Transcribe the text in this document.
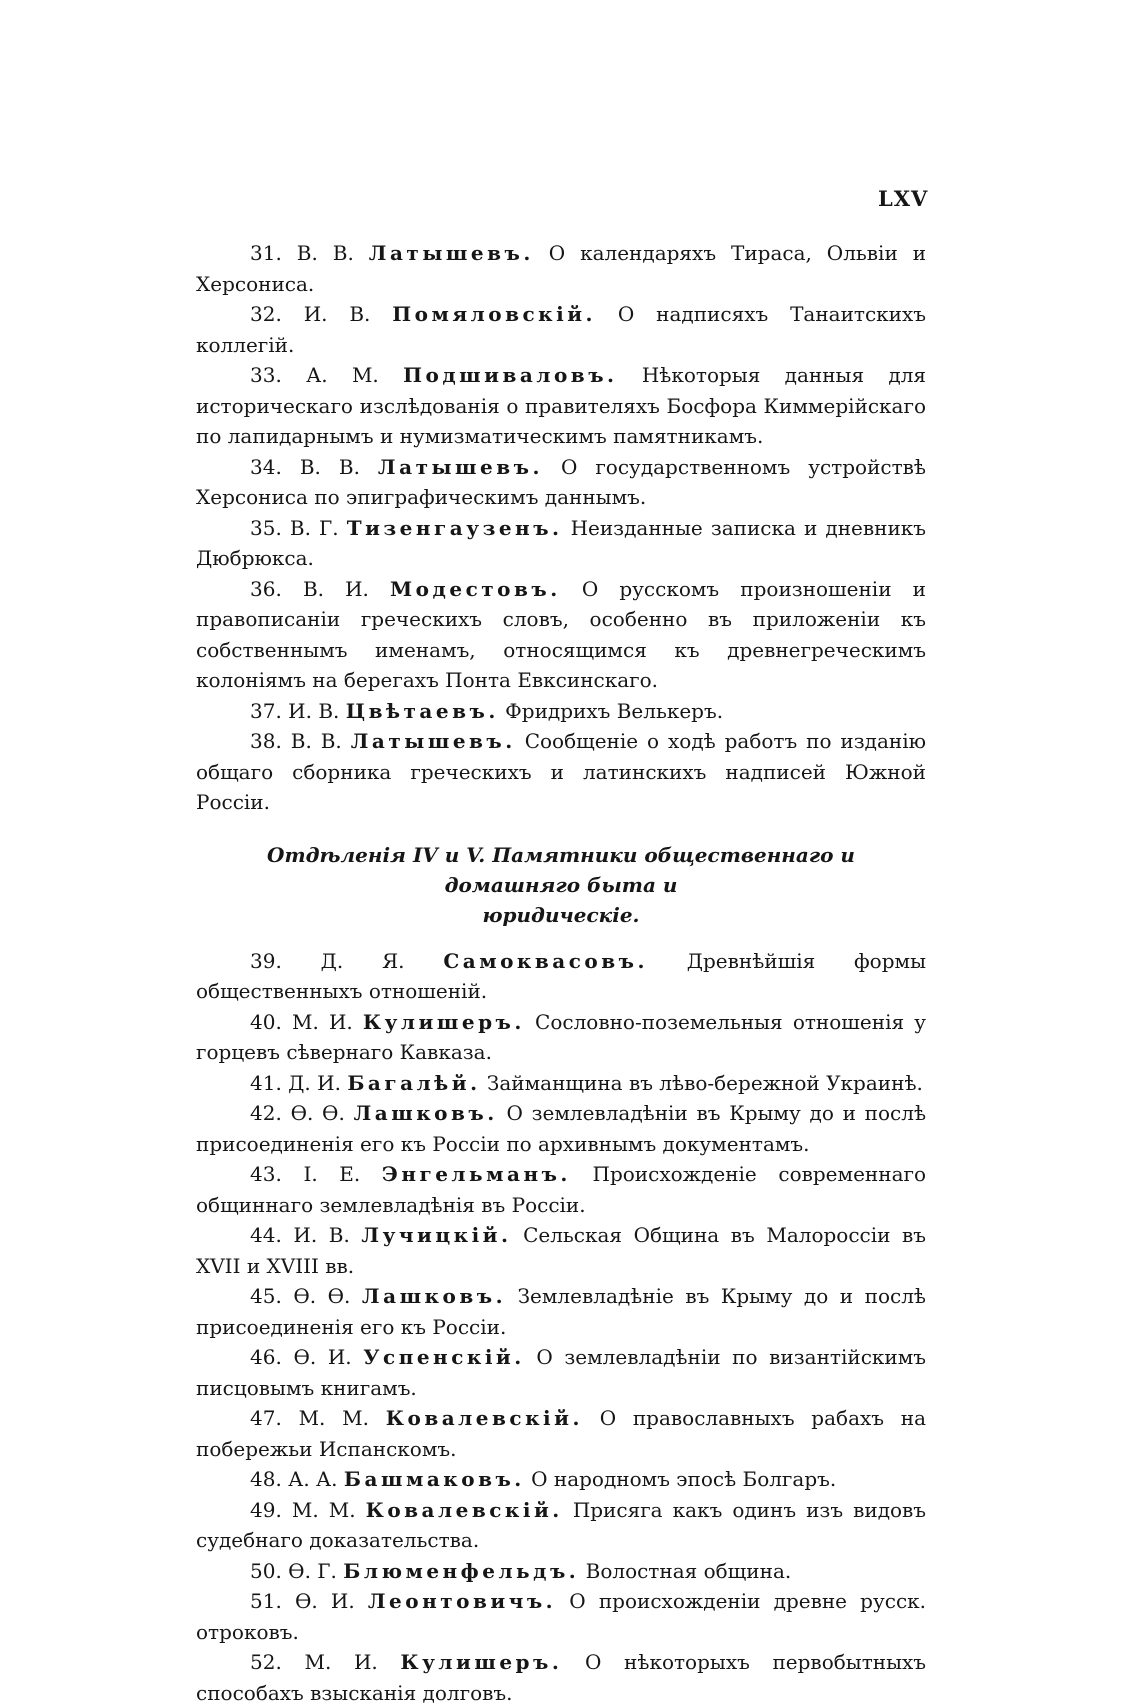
LXV

31. В. В. Латышевъ. О календаряхъ Тираса, Ольвіи и Херсониса.

32. И. В. Помяловскій. О надписяхъ Танаитскихъ коллегій.

33. А. М. Подшиваловъ. Нѣкоторыя данныя для историческаго изслѣдованія о правителяхъ Босфора Киммерійскаго по лапидарнымъ и нумизматическимъ памятникамъ.

34. В. В. Латышевъ. О государственномъ устройствѣ Херсониса по эпиграфическимъ даннымъ.

35. В. Г. Тизенгаузенъ. Неизданные записка и дневникъ Дюбрюкса.

36. В. И. Модестовъ. О русскомъ произношеніи и правописаніи греческихъ словъ, особенно въ приложеніи къ собственнымъ именамъ, относящимся къ древнегреческимъ колоніямъ на берегахъ Понта Евксинскаго.

37. И. В. Цвѣтаевъ. Фридрихъ Велькеръ.

38. В. В. Латышевъ. Сообщеніе о ходѣ работъ по изданію общаго сборника греческихъ и латинскихъ надписей Южной Россіи.

Отдѣленія IV и V. Памятники общественнаго и домашняго быта и
юридическіе.

39. Д. Я. Самоквасовъ. Древнѣйшія формы общественныхъ отношеній.

40. М. И. Кулишеръ. Сословно-поземельныя отношенія у горцевъ сѣвернаго Кавказа.

41. Д. И. Багалѣй. Займанщина въ лѣво-бережной Украинѣ.

42. Ѳ. Ѳ. Лашковъ. О землевладѣніи въ Крыму до и послѣ присоединенія его къ Россіи по архивнымъ документамъ.

43. І. Е. Энгельманъ. Происхожденіе современнаго общиннаго землевладѣнія въ Россіи.

44. И. В. Лучицкій. Сельская Община въ Малороссіи въ XVII и XVIII вв.

45. Ѳ. Ѳ. Лашковъ. Землевладѣніе въ Крыму до и послѣ присоединенія его къ Россіи.

46. Ѳ. И. Успенскій. О землевладѣніи по византійскимъ писцовымъ книгамъ.

47. М. М. Ковалевскій. О православныхъ рабахъ на побережьи Испанскомъ.

48. А. А. Башмаковъ. О народномъ эпосѣ Болгаръ.

49. М. М. Ковалевскій. Присяга какъ одинъ изъ видовъ судебнаго доказательства.

50. Ѳ. Г. Блюменфельдъ. Волостная община.

51. Ѳ. И. Леонтовичъ. О происхожденіи древне русск. отроковъ.

52. М. И. Кулишеръ. О нѣкоторыхъ первобытныхъ способахъ взысканія долговъ.
